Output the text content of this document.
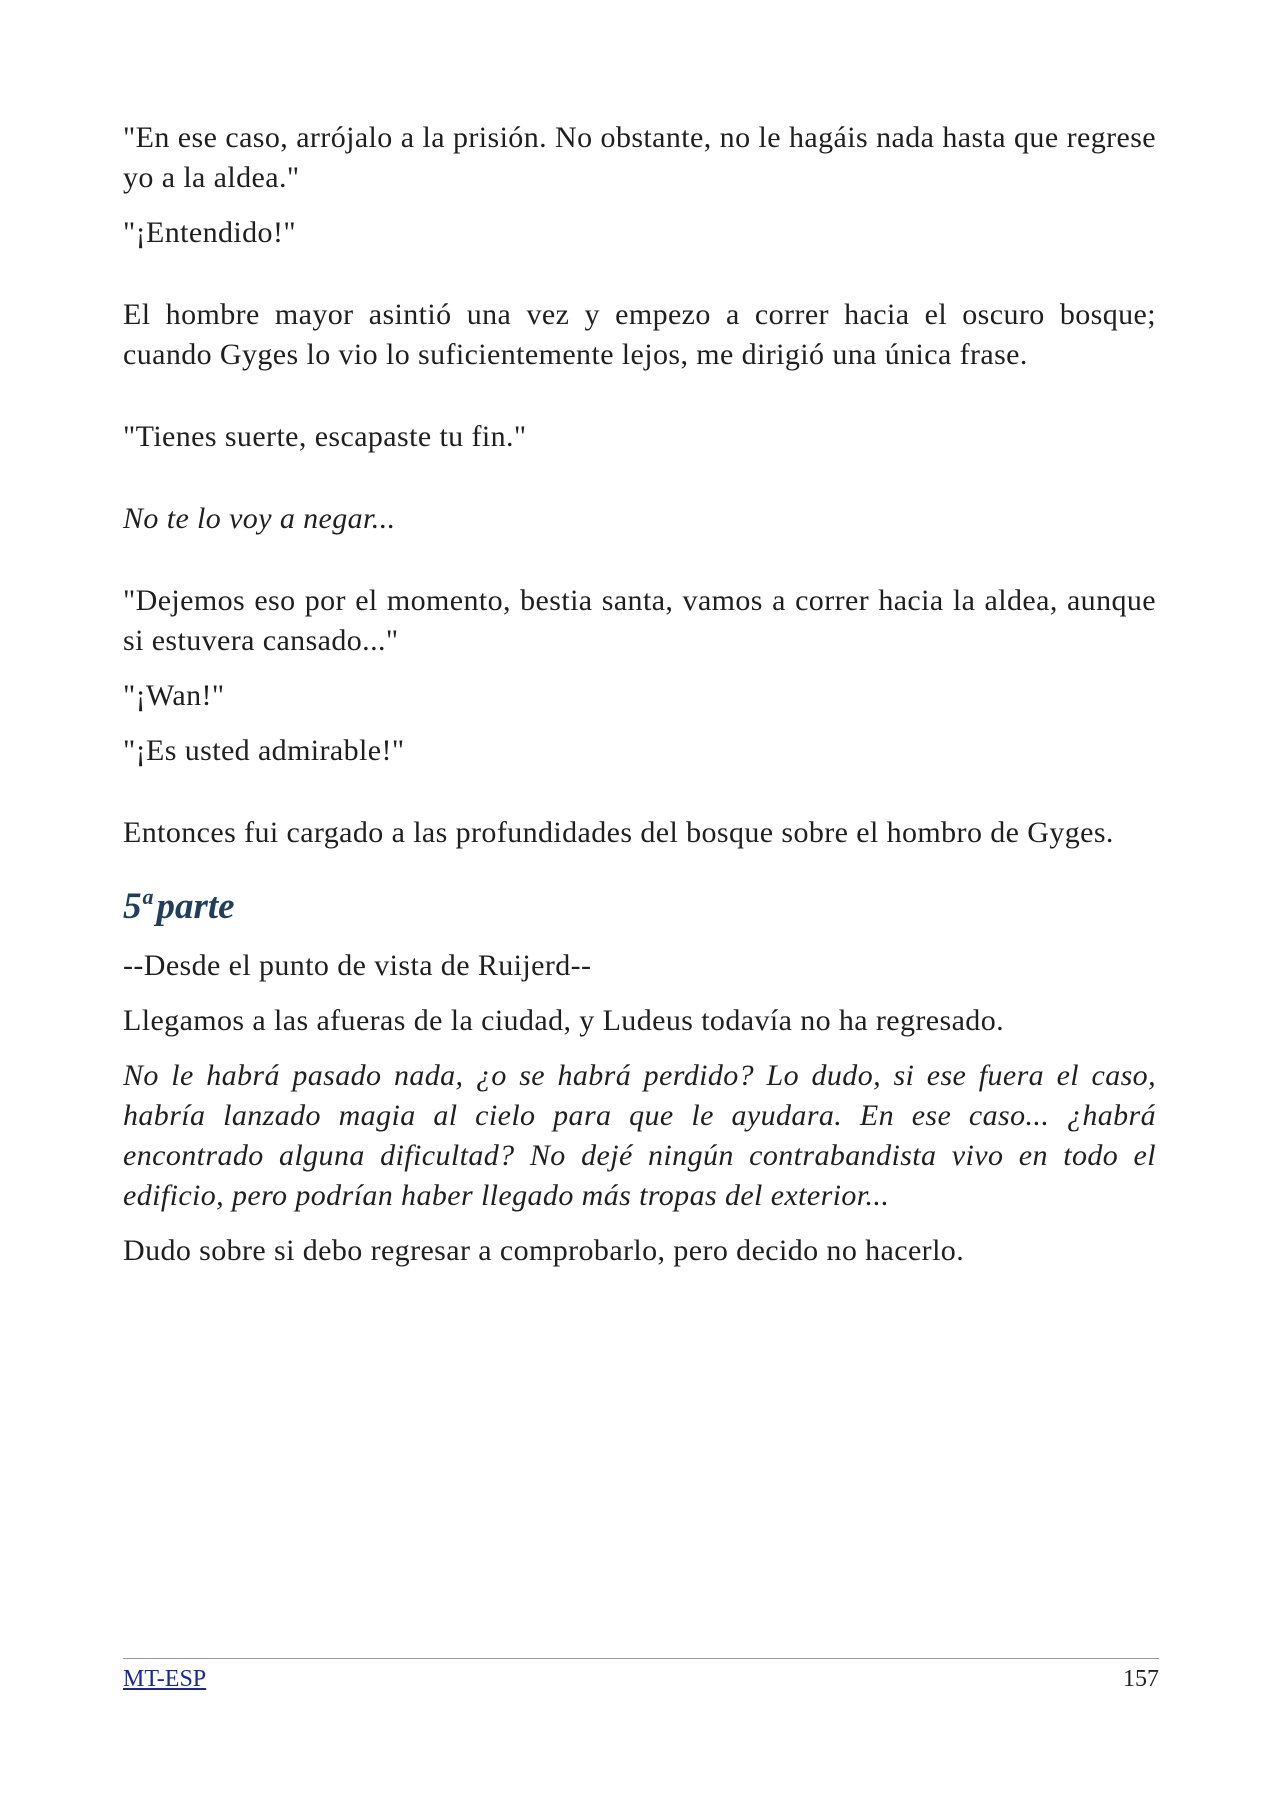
"En ese caso, arrójalo a la prisión. No obstante, no le hagáis nada hasta que regrese yo a la aldea."

"¡Entendido!"

El hombre mayor asintió una vez y empezo a correr hacia el oscuro bosque; cuando Gyges lo vio lo suficientemente lejos, me dirigió una única frase.

"Tienes suerte, escapaste tu fin."

No te lo voy a negar...

"Dejemos eso por el momento, bestia santa, vamos a correr hacia la aldea, aunque si estuvera cansado..."

"¡Wan!"

"¡Es usted admirable!"

Entonces fui cargado a las profundidades del bosque sobre el hombro de Gyges.

5$^a$parte

--Desde el punto de vista de Ruijerd--

Llegamos a las afueras de la ciudad, y Ludeus todavía no ha regresado.

No le habrá pasado nada, ¿o se habrá perdido? Lo dudo, si ese fuera el caso, habría lanzado magia al cielo para que le ayudara. En ese caso... ¿habrá encontrado alguna dificultad? No dejé ningún contrabandista vivo en todo el edificio, pero podrían haber llegado más tropas del exterior...

Dudo sobre si debo regresar a comprobarlo, pero decido no hacerlo.

MT-ESP	157
